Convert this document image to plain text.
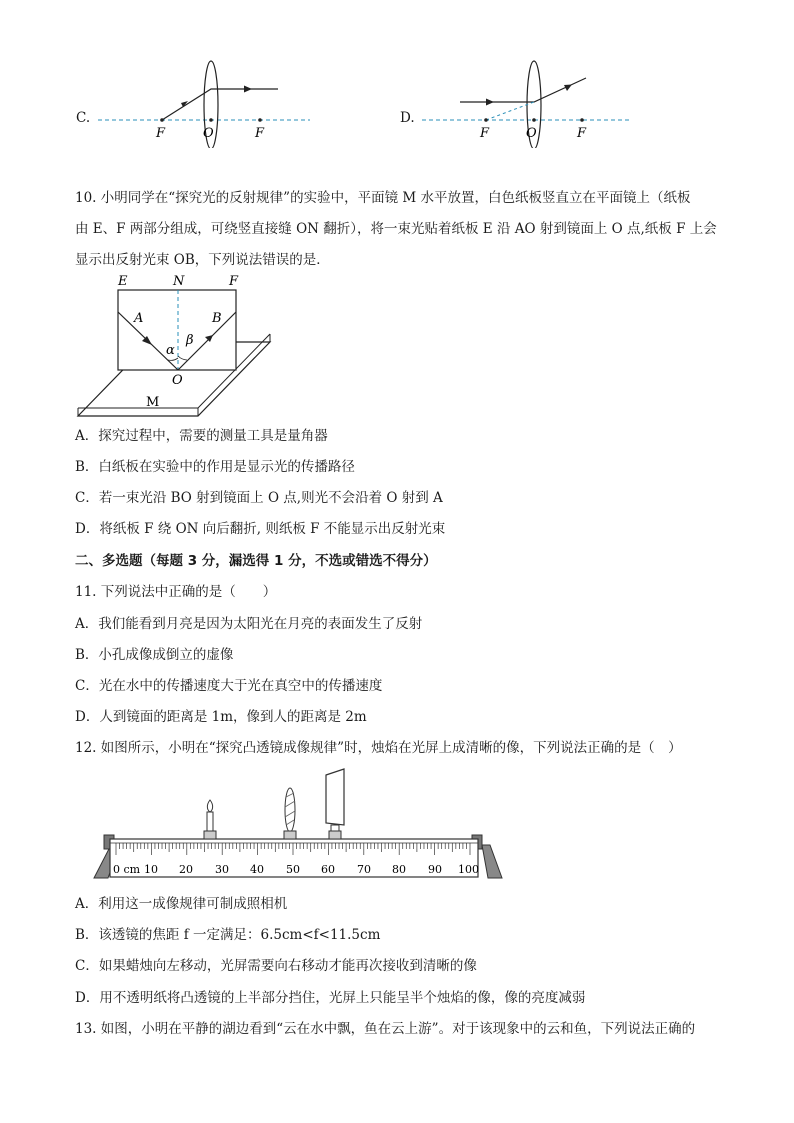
C.
F	O	F
D.
F	O	F
10. 小明同学在“探究光的反射规律”的实验中，平面镜 M 水平放置，白色纸板竖直立在平面镜上（纸板
由 E、F 两部分组成，可绕竖直接缝 ON 翻折），将一束光贴着纸板 E 沿 AO 射到镜面上 O 点,纸板 F 上会
显示出反射光束 OB，下列说法错误的是．
E	N	F
A	B
α
β
O
M
A．探究过程中，需要的测量工具是量角器
B．白纸板在实验中的作用是显示光的传播路径
C．若一束光沿 BO 射到镜面上 O 点,则光不会沿着 O 射到 A
D．将纸板 F 绕 ON 向后翻折, 则纸板 F 不能显示出反射光束
二、多选题（每题 3 分，漏选得 1 分，不选或错选不得分）
11. 下列说法中正确的是（　　）
A．我们能看到月亮是因为太阳光在月亮的表面发生了反射
B．小孔成像成倒立的虚像
C．光在水中的传播速度大于光在真空中的传播速度
D．人到镜面的距离是 1m，像到人的距离是 2m
12. 如图所示，小明在“探究凸透镜成像规律”时，烛焰在光屏上成清晰的像，下列说法正确的是（　）
0 cm 10 20 30 40 50 60 70 80 90 100
A．利用这一成像规律可制成照相机
B．该透镜的焦距 f 一定满足：6.5cm<f<11.5cm
C．如果蜡烛向左移动，光屏需要向右移动才能再次接收到清晰的像
D．用不透明纸将凸透镜的上半部分挡住，光屏上只能呈半个烛焰的像，像的亮度减弱
13. 如图，小明在平静的湖边看到“云在水中飘，鱼在云上游”。对于该现象中的云和鱼，下列说法正确的
